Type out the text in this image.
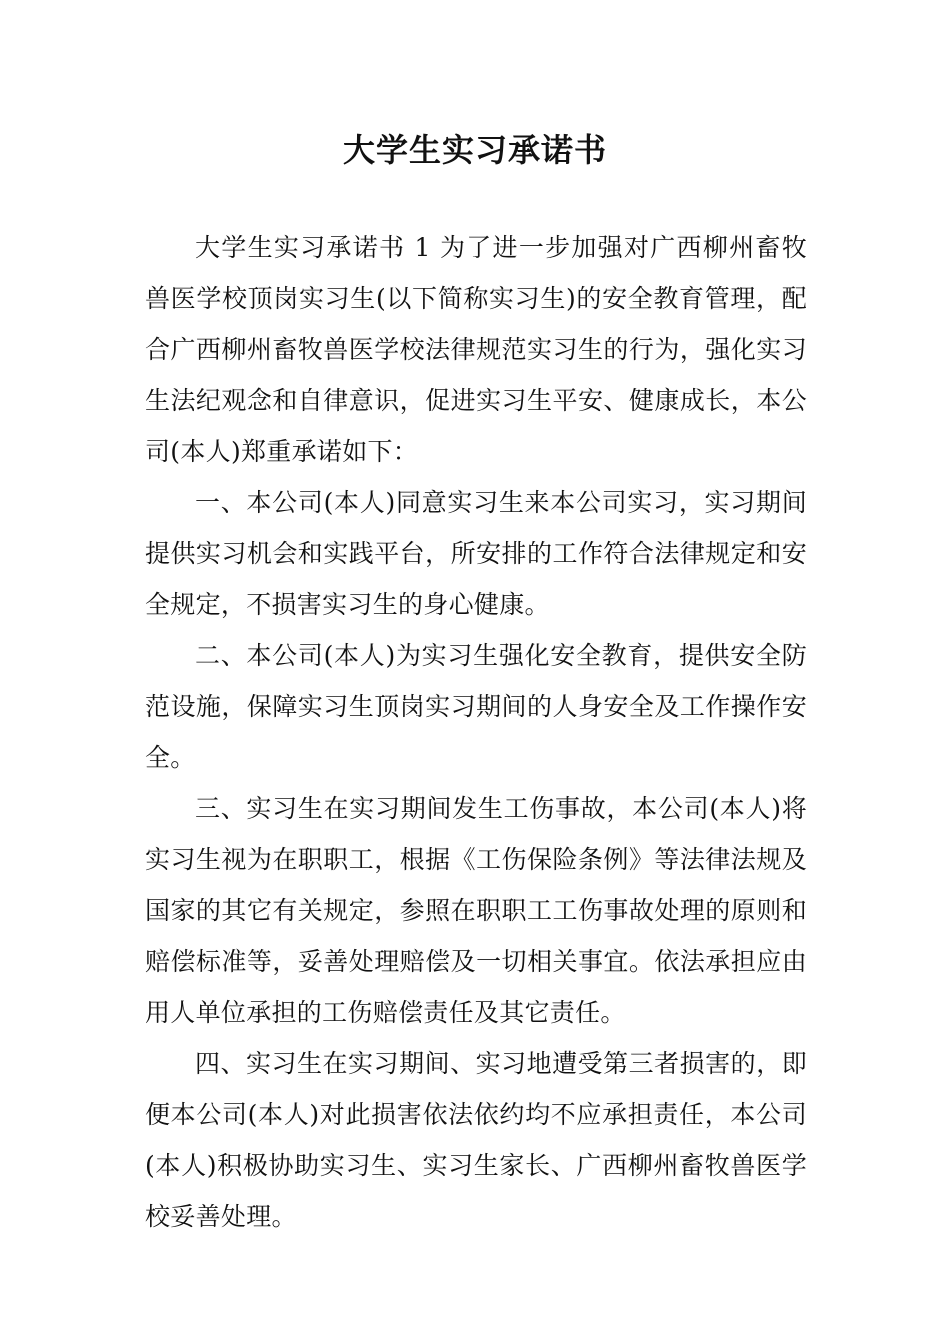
大学生实习承诺书

大学生实习承诺书 1 为了进一步加强对广西柳州畜牧兽医学校顶岗实习生(以下简称实习生)的安全教育管理，配合广西柳州畜牧兽医学校法律规范实习生的行为，强化实习生法纪观念和自律意识，促进实习生平安、健康成长，本公司(本人)郑重承诺如下：

一、本公司(本人)同意实习生来本公司实习，实习期间提供实习机会和实践平台，所安排的工作符合法律规定和安全规定，不损害实习生的身心健康。

二、本公司(本人)为实习生强化安全教育，提供安全防范设施，保障实习生顶岗实习期间的人身安全及工作操作安全。

三、实习生在实习期间发生工伤事故，本公司(本人)将实习生视为在职职工，根据《工伤保险条例》等法律法规及国家的其它有关规定，参照在职职工工伤事故处理的原则和赔偿标准等，妥善处理赔偿及一切相关事宜。依法承担应由用人单位承担的工伤赔偿责任及其它责任。

四、实习生在实习期间、实习地遭受第三者损害的，即便本公司(本人)对此损害依法依约均不应承担责任，本公司(本人)积极协助实习生、实习生家长、广西柳州畜牧兽医学校妥善处理。
